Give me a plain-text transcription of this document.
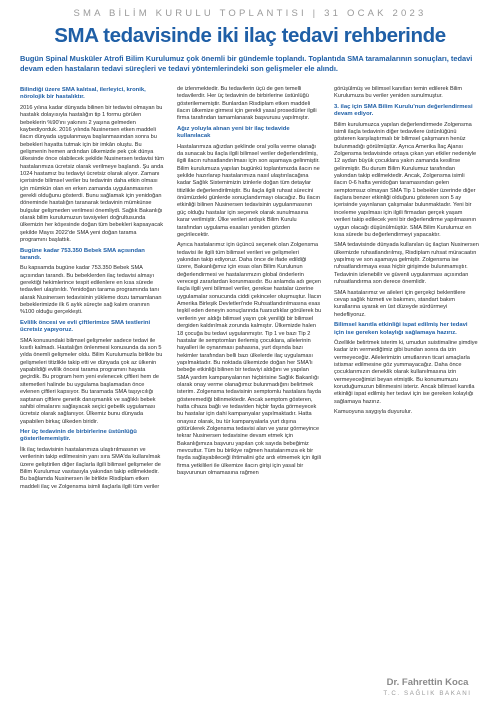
SMA BİLİM KURULU TOPLANTISI | 31 OCAK 2023
SMA tedavisinde iki ilaç tedavi rehberinde

Bugün Spinal Musküler Atrofi Bilim Kurulumuz çok önemli bir gündemle toplandı. Toplantıda SMA taramalarının sonuçları, tedavi devam eden hastaların tedavi süreçleri ve tedavi yöntemlerindeki son gelişmeler ele alındı.

Bilindiği üzere SMA kalıtsal, ilerleyici, kronik, nörolojik bir hastalıktır.

2016 yılına kadar dünyada bilinen bir tedavisi olmayan bu hastalık dolayısıyla hastalığın tip 1 formu görülen bebeklerin %90'ını yakınını 2 yaşına gelmeden kaybediyorduk. 2016 yılında Nusinersen etken maddeli ilacın dünyada uygulanmaya başlanmasından sonra bu bebekleri hayatta tutmak için bir imkân oluştu. Bu gelişmenin hemen ardından ülkemizde pek çok dünya ülkesinde önce olabilecek şekilde Nusinersen tedavisi tüm hastalarımıza ücretsiz olarak verilmeye başlandı. Şu anda 1024 hastamız bu tedaviyi ücretsiz olarak alıyor. Zamanı içerisinde bilimsel veriler bu tedavinin daha etkin olması için mümkün olan en erken zamanda uygulanmasının gerekli olduğunu gösterdi. Bunu sağlamak için yenidoğan döneminde hastalığın taranarak tedavinin mümkünse bulgular gelişmeden verilmesi önemliydi. Sağlık Bakanlığı olarak bilim kurulumuzun tavsiyeleri doğrultusunda ülkemizin her köşesinde doğan tüm bebekleri kapsayacak şekilde Mayıs 2022'de SMA yeni doğan tarama programını başlattık.

Bugüne kadar 753.350 Bebek SMA açısından tarandı.

Bu kapsamda bugüne kadar 753.350 Bebek SMA açısından tarandı. Bu bebeklerden ilaç tedavisi almayı gerektiği hekimlerince tespit edilenlere en kısa sürede tedavileri ulaştırıldı. Yenidoğan tarama programında tanı alarak Nusinersen tedavisinin yükleme dozu tamamlanan bebeklerimizde ilk 6 aylık süreçte sağ kalım oranının %100 olduğu gerçekleşti.

Evlilik öncesi ve evli çiftlerimize SMA testlerini ücretsiz yapıyoruz.

SMA konusundaki bilimsel gelişmeler sadece tedavi ile kısıtlı kalmadı. Hastalığın önlenmesi konusunda da son 5 yılda önemli gelişmeler oldu. Bilim Kurulumuzla birlikte bu gelişmeleri titizlikle takip etti ve dünyada çok az ülkenin yapabildiği evlilik öncesi tarama programını hayata geçirdik. Bu program hem yeni evlenecek çiftleri hem de sitemetleri halinde bu uygulama başlamadan önce evlenen çiftleri kapsıyor. Bu taramada SMA taşıyıcılığı saptanan çiftlere genetik danışmanlık ve sağlıklı bebek sahibi olmalarını sağlayacak seçici gebelik uygulaması ücretsiz olarak sağlanıyor. Ülkemiz bunu dünyada yapabilen birkaç ülkeden biridir.

Her üç tedavinin de birbirlerine üstünlüğü gösterilememiştir.

İlk ilaç tedavisinin hastalarımıza ulaştırılmasının ve verilerinin takip edilmesinin yanı sıra SMA'da kullanılmak üzere geliştirilen diğer ilaçlarla ilgili bilimsel gelişmeler de Bilim Kurulumuz vasıtasıyla yakından takip edilmektedir. Bu bağlamda Nusinersen ile birlikte Risdiplam etken maddeli ilaç ve Zolgensma isimli ilaçlarla ilgili tüm veriler

de izlenmektedir. Bu tedavilerin üçü de gen temelli tedavilerdir. Her üç tedavinin de birbirlerine üstünlüğü gösterilememiştir. Bunlardan Risdiplam etken maddeli ilacın ülkemize girmesi için gerekli yasal prosedürler ilgili firma tarafından tamamlanarak başvurusu yapılmıştır.

Ağız yoluyla alınan yeni bir ilaç tedavide kullanılacak

Hastalarımıza ağızdan şeklinde oral yolla verme olanağı da sunacak bu ilaçla ilgili bilimsel veriler değerlendirilmiş, ilgili ilacın ruhsatlandırılması için son aşamaya gelinmiştir. Bilim kurulumuza yapılan bugünkü toplantımızda ilacın ne şekilde hazırlanıp hastalarımıza nasıl ulaştırılacağına kadar Sağlık Sistemimizin izinlerle doğan tüm detaylar titizlikle değerlendirilmiştir. Bu ilaçla ilgili ruhsat sürecini önümüzdeki günlerde sonuçlandırmayı olacağız. Bu ilacın etkinliği bilinen Nusinersen tedavisinin uygulanmasının güç olduğu hastalar için seçenek olarak sunulmasına karar verilmiştir. Ülke verileri ardışık Bilim Kurulu tarafından uygulama esasları yeniden gözden geçirilecektir.

Ayrıca hastalarımız için üçüncü seçenek olan Zolgensma tedavisi ile ilgili tüm bilimsel verileri ve gelişmeleri yakından takip ediyoruz. Daha önce de ifade edildiği üzere, Bakanlığımız için esas olan Bilim Kurulunun değerlendirmesi ve hastalarımızın global önderlerin verecegi zararlardan korunmasıdır. Bu anlamda adı geçen ilaçla ilgili yeni bilimsel veriler, gerekse hastalar üzerine uygulamalar sonucunda ciddi çekinceler oluşmuştur. İlacın Amerika Birleşik Devletleri'nde Ruhsatlandırılmasına esas teşkil eden deneyin sonuçlarında fuarsızlıklar görülerek bu verilerin yer aldığı bilimsel yayın çok yeniliği bir bilimsel dergiden kaldırılmak zorunda kalmıştır. Ülkemizde halen 18 çocuğa bu tedavi uygulanmıştır. Tip 1 ve bazı Tip 2 hastalar ile semptomları ilerlemiş çocuklara, ailelerinin hayalleri ile oynanması pahasına, yurt dışında bazı hekimler tarafından belli bazı ülkelerde ilaç uygulaması yapılmaktadır. Bu noktada ülkemizde doğan her SMA'lı bebeğe etkinliği bilinen bir tedaviyi aldığını ve yapılan SMA yardım kampanyalarının hiçbirisine Sağlık Bakanlığı olarak onay verme olanağımız bulunmadığını belirtmek isterim. Zolgensma tedavisinin semptomlu hastalara fayda gösteremediği bilinmektedir. Ancak semptom gösteren, hatta cihaza bağlı ve tedaviden hiçbir fayda görmeyecek bu hastalar için dahi kampanyalar yapılmaktadır. Hatta onaysız olarak, bu tür kampanyalarla yurt dışına götürülerek Zolgensma tedavisi alan ve yarar görmeyince tekrar Nusinersen tedavisine devam etmek için Bakanlığımıza başvuru yapılan çok sayıda bebeğimiz mevcuttur. Tüm bu birikiye rağmen hastalarımıza ek bir fayda sağlayabileceği ihtimalini göz ardı etmemek için ilgili firma yetkilileri ile ülkemize ilacın girişi için yasal bir başvurunun olmamasına rağmen

görüşülmüş ve bilimsel kanıtları temin edilerek Bilim Kurulumuza bu veriler yeniden sunulmuştur.

3. ilaç için SMA Bilim Kurulu'nun değerlendirmesi devam ediyor.

Bilim kurulumuzca yapılan değerlendirmede Zolgensma isimli ilaçla tedavinin diğer tedavilere üstünlüğünü gösteren karşılaştırmalı bir bilimsel çalışmanın henüz bulunmadığı görülmüştür. Ayrıca Amerika İlaç Ajansı Zolgensma tedavisinde ortaya çıkan yan etkiler nedeniyle 12 aydan büyük çocuklara yakın zamanda kesilirse gelinmiştir. Bu durum Bilim Kurulumuz tarafından yakından takip edilmektedir. Ancak, Zolgensma isimli ilacın 0-6 hafta yenidoğan taramasından gelen semptomsuz olmayan SMA Tip 1 bebekler üzerinde diğer ilaçlara benzer etkinliği olduğunu gösteren son 5 ay içerisinde yayınlanan çalışmalar bulunmaktadır. Yeni bir inceleme yapılması için ilgili firmadan gerçek yaşam verileri takip edilecek yeni bir değerlendirme yapılmasının uygun olacağı düşünülmüştür. SMA Bilim Kurulumuz en kısa sürede bu değerlendirmeyi yapacaktır.

SMA tedavisinde dünyada kullanılan üç ilaçtan Nusinersen ülkemizde ruhsatlandırılmış, Risdiplam ruhsat müracaatın yapılmış ve son aşamaya gelmiştir. Zolgensma ise ruhsatlandırmaya esas hiçbir girişimde bulunmamıştır. Tedavinin izlenebilir ve güvenli uygulanması açısından ruhsatlandırma son derece önemlidir.

SMA hastalarımız ve aileleri için gerçekçi beklentilere cevap sağlık hizmeti ve bakımını, standart bakım kurallarına uyarak en üst düzeyde sürdürmeyi hedefliyoruz.

Bilimsel kanıtla etkinliği ispat edilmiş her tedavi için ise gereken kolaylığı sağlamaya hazırız.

Özellikle belirtmek isterim ki, umudun suistimaline şimdiye kadar izin vermediğimiz gibi bundan sonra da izin vermeyeceğiz. Ailelerimizin umutlarının ticari amaçlarla istismar edilmesine göz yummayacağız. Daha önce çocuklarımızın deneklik olarak kullanılmasına izin vermeyeceğimizi beyan etmiştik. Bu konumumuzu koruduğumuzun bilinmesini isteriz. Ancak bilimsel kanıtla etkinliği ispat edilmiş her tedavi için ise gereken kolaylığı sağlamaya hazırız.

Kamuoyuna saygıyla duyurulur.

Dr. Fahrettin Koca
T.C. SAĞLIK BAKANI
